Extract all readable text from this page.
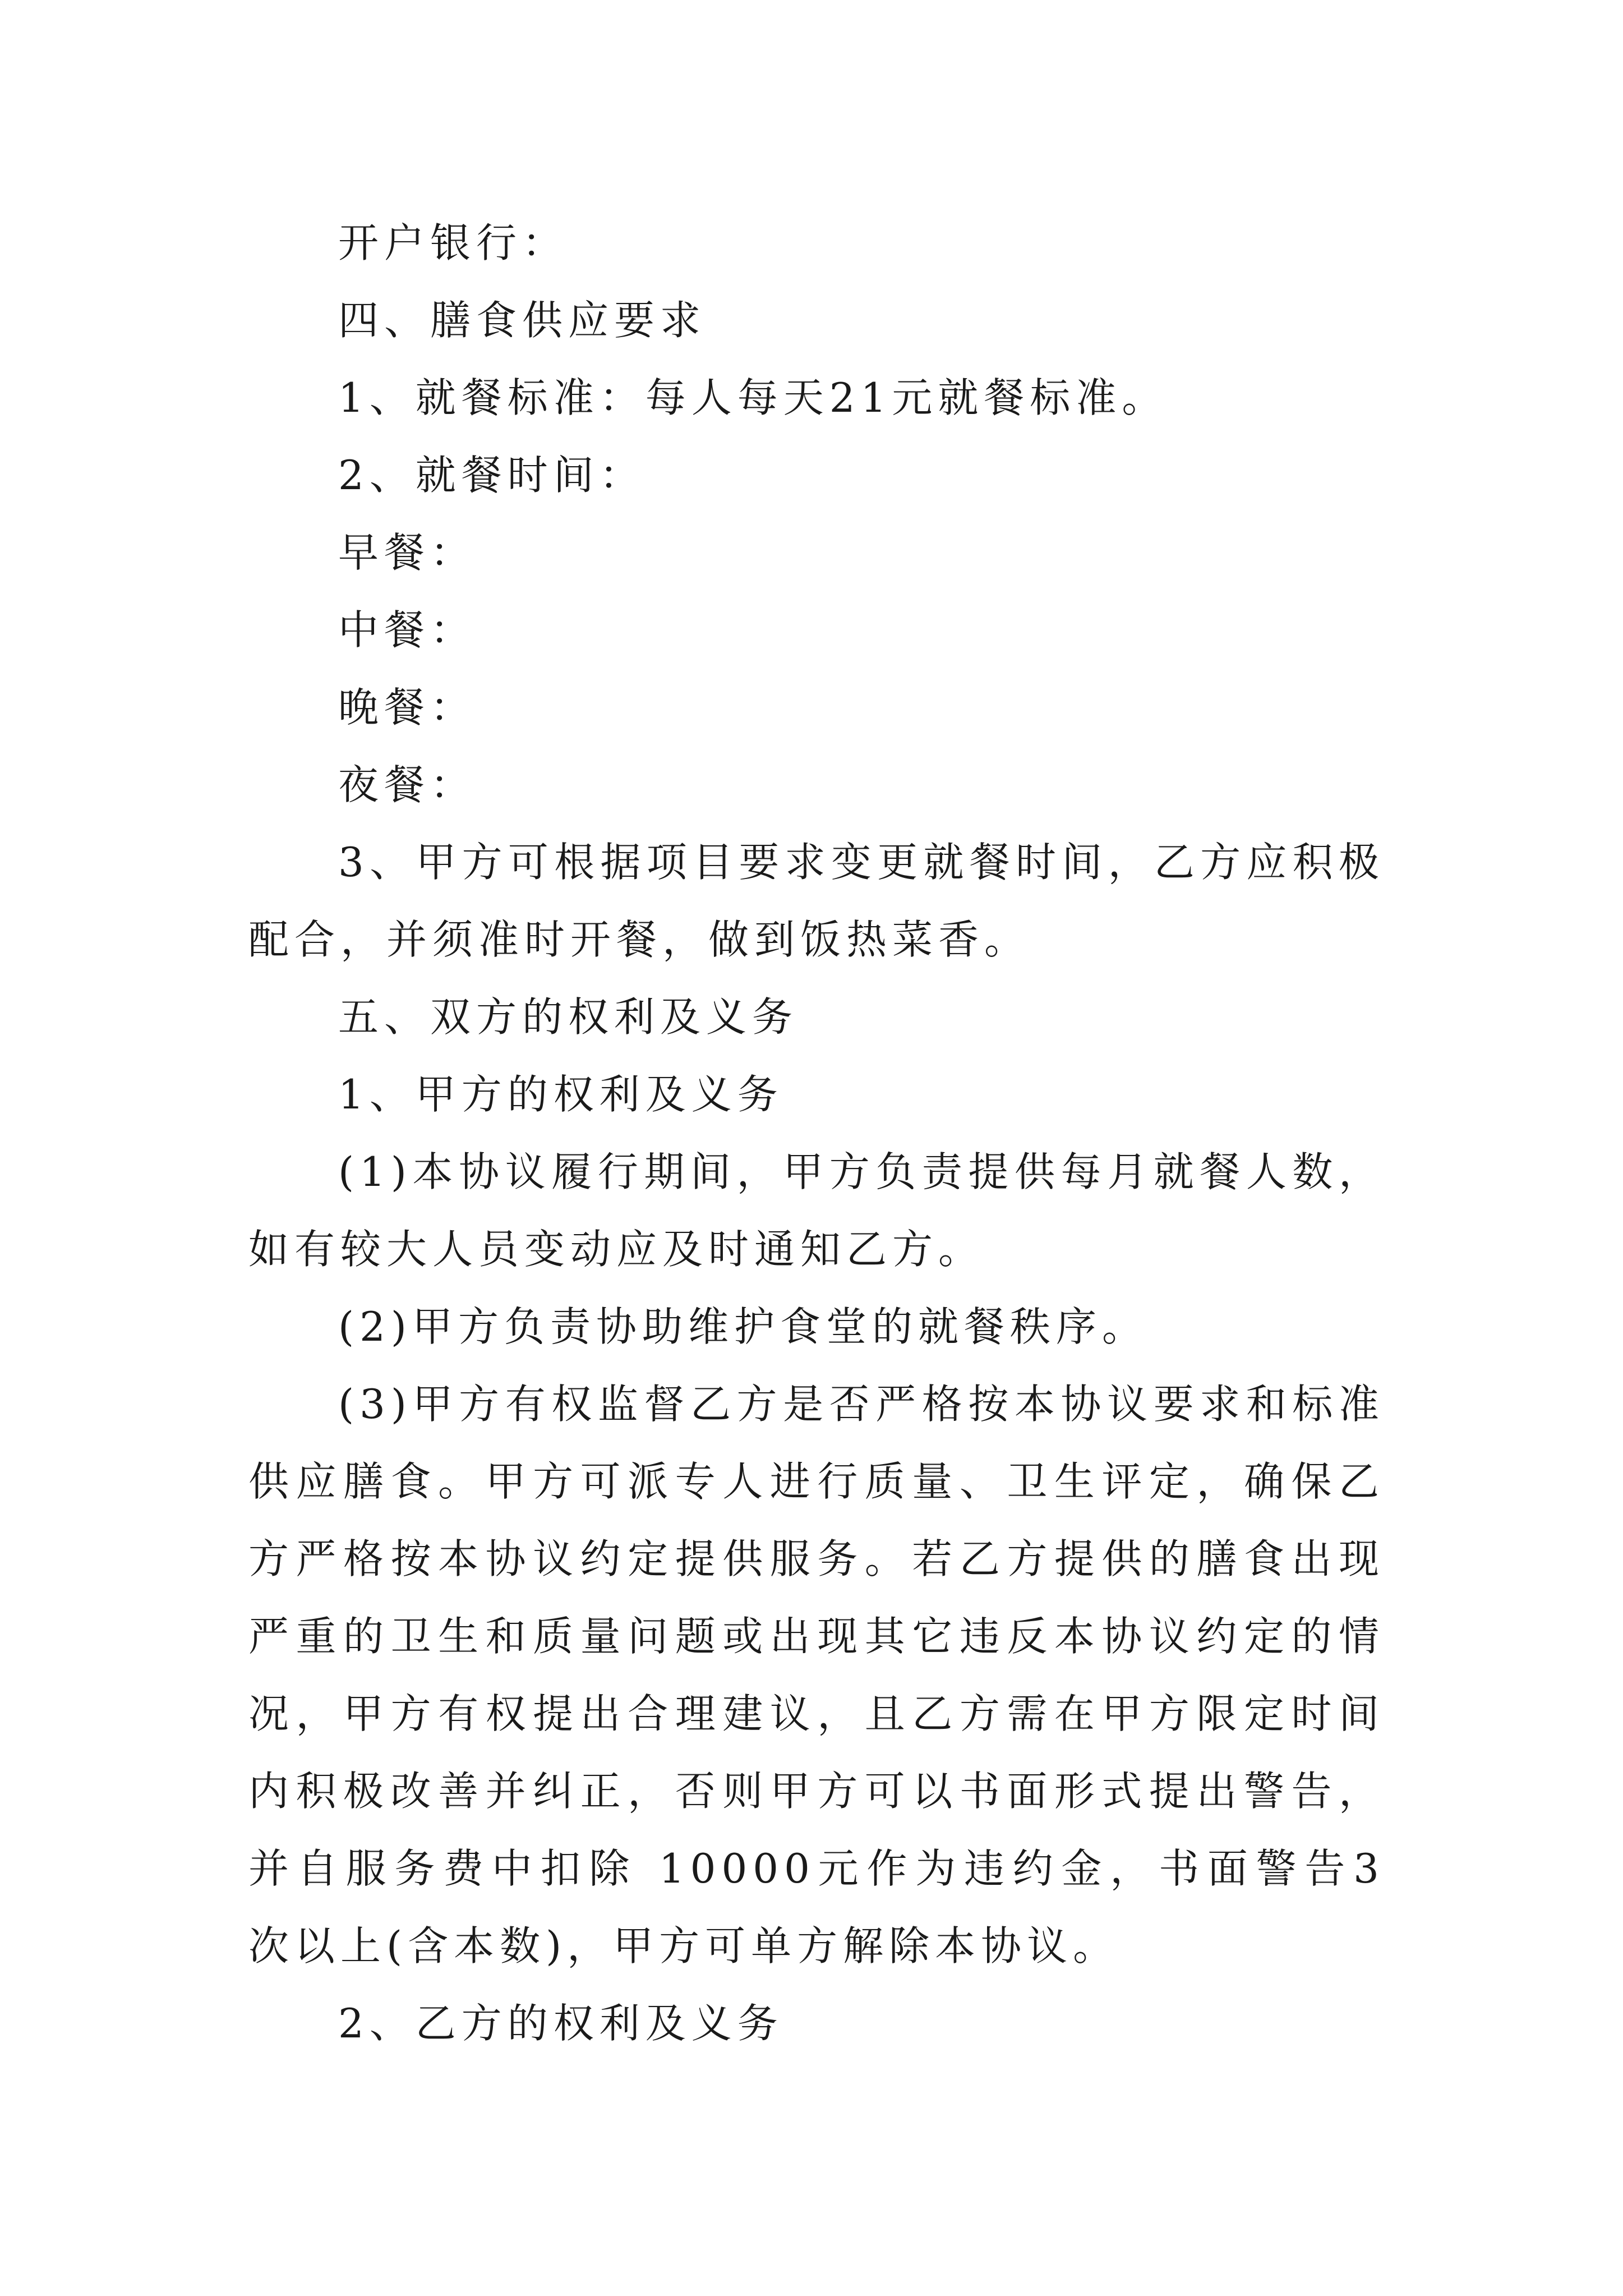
开户银行：

四、膳食供应要求

1、就餐标准：每人每天21元就餐标准。

2、就餐时间：

早餐：

中餐：

晚餐：

夜餐：

3、甲方可根据项目要求变更就餐时间，乙方应积极配合，并须准时开餐，做到饭热菜香。

五、双方的权利及义务

1、甲方的权利及义务

(1)本协议履行期间，甲方负责提供每月就餐人数，如有较大人员变动应及时通知乙方。

(2)甲方负责协助维护食堂的就餐秩序。

(3)甲方有权监督乙方是否严格按本协议要求和标准供应膳食。甲方可派专人进行质量、卫生评定，确保乙方严格按本协议约定提供服务。若乙方提供的膳食出现严重的卫生和质量问题或出现其它违反本协议约定的情况，甲方有权提出合理建议，且乙方需在甲方限定时间内积极改善并纠正，否则甲方可以书面形式提出警告，并自服务费中扣除 10000元作为违约金，书面警告3 次以上(含本数)，甲方可单方解除本协议。

2、乙方的权利及义务
